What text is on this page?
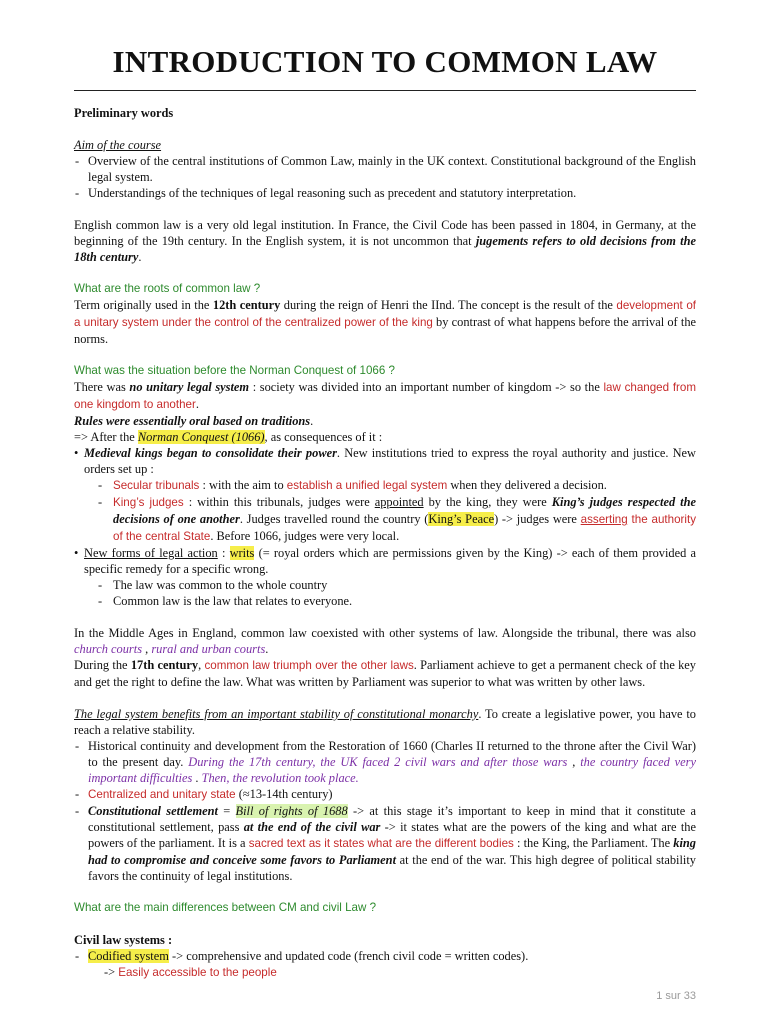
INTRODUCTION TO COMMON LAW

Preliminary words

Aim of the course

- Overview of the central institutions of Common Law, mainly in the UK context. Constitutional background of the English legal system.
- Understandings of the techniques of legal reasoning such as precedent and statutory interpretation.

English common law is a very old legal institution. In France, the Civil Code has been passed in 1804, in Germany, at the beginning of the 19th century. In the English system, it is not uncommon that jugements refers to old decisions from the 18th century.

What are the roots of common law ?

Term originally used in the 12th century during the reign of Henri the IInd. The concept is the result of the development of a unitary system under the control of the centralized power of the king by contrast of what happens before the arrival of the norms.

What was the situation before the Norman Conquest of 1066 ?

There was no unitary legal system : society was divided into an important number of kingdom -> so the law changed from one kingdom to another.

Rules were essentially oral based on traditions.

=> After the Norman Conquest (1066), as consequences of it :

• Medieval kings began to consolidate their power. New institutions tried to express the royal authority and justice. New orders set up :
- Secular tribunals : with the aim to establish a unified legal system when they delivered a decision.
- King’s judges : within this tribunals, judges were appointed by the king, they were King’s judges respected the decisions of one another. Judges travelled round the country (King’s Peace) -> judges were asserting the authority of the central State. Before 1066, judges were very local.
• New forms of legal action : writs (= royal orders which are permissions given by the King) -> each of them provided a specific remedy for a specific wrong.
- The law was common to the whole country
- Common law is the law that relates to everyone.

In the Middle Ages in England, common law coexisted with other systems of law. Alongside the tribunal, there was also church courts , rural and urban courts.

During the 17th century, common law triumph over the other laws. Parliament achieve to get a permanent check of the key and get the right to define the law. What was written by Parliament was superior to what was written by other laws.

The legal system benefits from an important stability of constitutional monarchy. To create a legislative power, you have to reach a relative stability.

- Historical continuity and development from the Restoration of 1660 (Charles II returned to the throne after the Civil War) to the present day. During the 17th century, the UK faced 2 civil wars and after those wars , the country faced very important difficulties . Then, the revolution took place.
- Centralized and unitary state (≈13-14th century)
- Constitutional settlement = Bill of rights of 1688 -> at this stage it’s important to keep in mind that it constitute a constitutional settlement, pass at the end of the civil war -> it states what are the powers of the king and what are the powers of the parliament. It is a sacred text as it states what are the different bodies : the King, the Parliament. The king had to compromise and conceive some favors to Parliament at the end of the war. This high degree of political stability favors the continuity of legal institutions.

What are the main differences between CM and civil Law ?

Civil law systems :

- Codified system -> comprehensive and updated code (french civil code = written codes).

-> Easily accessible to the people

1 sur 33
